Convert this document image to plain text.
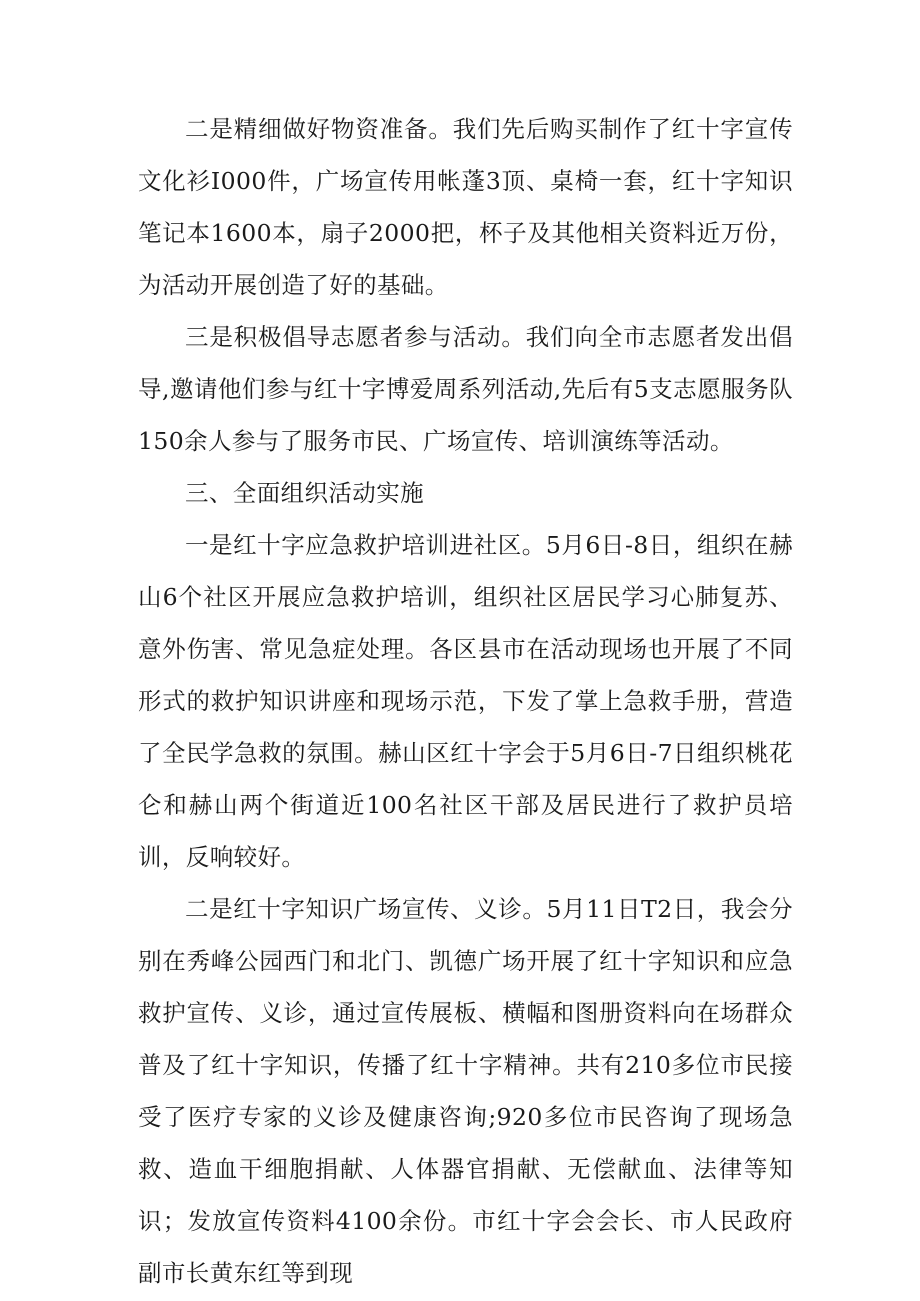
二是精细做好物资准备。我们先后购买制作了红十字宣传文化衫I000件，广场宣传用帐蓬3顶、桌椅一套，红十字知识笔记本1600本，扇子2000把，杯子及其他相关资料近万份，为活动开展创造了好的基础。

三是积极倡导志愿者参与活动。我们向全市志愿者发出倡导,邀请他们参与红十字博爱周系列活动,先后有5支志愿服务队150余人参与了服务市民、广场宣传、培训演练等活动。

三、全面组织活动实施

一是红十字应急救护培训进社区。5月6日-8日，组织在赫山6个社区开展应急救护培训，组织社区居民学习心肺复苏、意外伤害、常见急症处理。各区县市在活动现场也开展了不同形式的救护知识讲座和现场示范，下发了掌上急救手册，营造了全民学急救的氛围。赫山区红十字会于5月6日-7日组织桃花仑和赫山两个街道近100名社区干部及居民进行了救护员培训，反响较好。

二是红十字知识广场宣传、义诊。5月11日T2日，我会分别在秀峰公园西门和北门、凯德广场开展了红十字知识和应急救护宣传、义诊，通过宣传展板、横幅和图册资料向在场群众普及了红十字知识，传播了红十字精神。共有210多位市民接受了医疗专家的义诊及健康咨询;920多位市民咨询了现场急救、造血干细胞捐献、人体器官捐献、无偿献血、法律等知识；发放宣传资料4100余份。市红十字会会长、市人民政府副市长黄东红等到现
